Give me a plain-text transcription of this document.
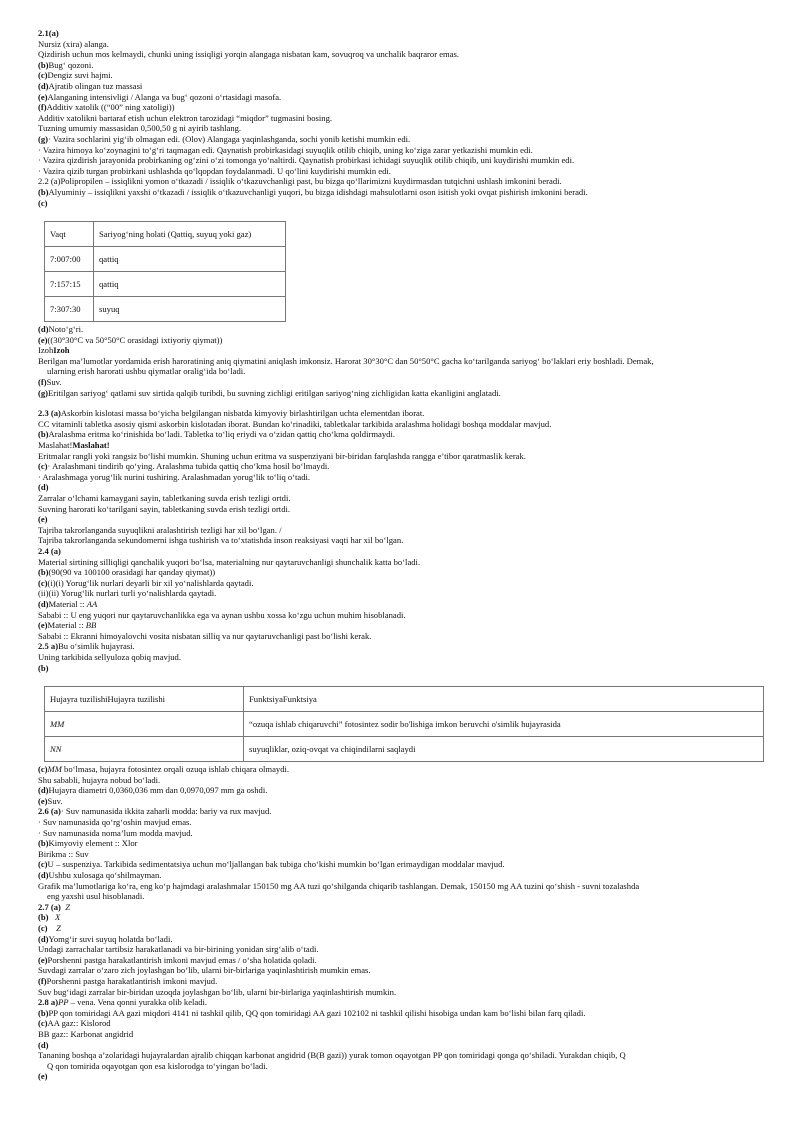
2.1(a)
Nursiz (xira) alanga.
Qizdirish uchun mos kelmaydi, chunki uning issiqligi yorqin alangaga nisbatan kam, sovuqroq va unchalik baqraror emas.
(b)Bug‘ qozoni.
(c)Dengiz suvi hajmi.
(d)Ajratib olingan tuz massasi
(e)Alanganing intensivligi / Alanga va bug‘ qozoni o‘rtasidagi masofa.
(f)Additiv xatolik ((“00” ning xatoligi))
Additiv xatolikni bartaraf etish uchun elektron tarozidagi “miqdor” tugmasini bosing.
Tuzning umumiy massasidan 0,500,50 g ni ayirib tashlang.
(g)· Vazira sochlarini yig‘ib olmagan edi. (Olov) Alangaga yaqinlashganda, sochi yonib ketishi mumkin edi.
· Vazira himoya ko‘zoynagini to‘g‘ri taqmagan edi. Qaynatish probirkasidagi suyuqlik otilib chiqib, uning ko‘ziga zarar yetkazishi mumkin edi.
· Vazira qizdirish jarayonida probirkaning og‘zini o‘zi tomonga yo‘naltirdi. Qaynatish probirkasi ichidagi suyuqlik otilib chiqib, uni kuydirishi mumkin edi.
· Vazira qizib turgan probirkani ushlashda qo‘lqopdan foydalanmadi. U qo‘lini kuydirishi mumkin edi.
2.2 (a)Polipropilen – issiqlikni yomon o‘tkazadi / issiqlik o‘tkazuvchanligi past, bu bizga qo‘llarimizni kuydirmasdan tutqichni ushlash imkonini beradi.
(b)Alyuminiy – issiqlikni yaxshi o‘tkazadi / issiqlik o‘tkazuvchanligi yuqori, bu bizga idishdagi mahsulotlarni oson isitish yoki ovqat pishirish imkonini beradi.
(c)
Vaqt	Sariyog‘ning holati (Qattiq, suyuq yoki gaz)
7:007:00	qattiq
7:157:15	qattiq
7:307:30	suyuq
(d)Noto‘g‘ri.
(e)((30°30°C va 50°50°C orasidagi ixtiyoriy qiymat))
IzohIzoh
Berilgan ma’lumotlar yordamida erish haroratining aniq qiymatini aniqlash imkonsiz. Harorat 30°30°C dan 50°50°C gacha ko‘tarilganda sariyog‘ bo‘laklari eriy boshladi. Demak,
ularning erish harorati ushbu qiymatlar oralig‘ida bo‘ladi.
(f)Suv.
(g)Eritilgan sariyog‘ qatlami suv sirtida qalqib turibdi, bu suvning zichligi eritilgan sariyog‘ning zichligidan katta ekanligini anglatadi.
2.3 (a)Askorbin kislotasi massa bo‘yicha belgilangan nisbatda kimyoviy birlashtirilgan uchta elementdan iborat.
CC vitaminli tabletka asosiy qismi askorbin kislotadan iborat. Bundan ko‘rinadiki, tabletkalar tarkibida aralashma holidagi boshqa moddalar mavjud.
(b)Aralashma eritma ko‘rinishida bo‘ladi. Tabletka to‘liq eriydi va o‘zidan qattiq cho‘kma qoldirmaydi.
Maslahat!Maslahat!
Eritmalar rangli yoki rangsiz bo‘lishi mumkin. Shuning uchun eritma va suspenziyani bir-biridan farqlashda rangga e’tibor qaratmaslik kerak.
(c)· Aralashmani tindirib qo‘ying. Aralashma tubida qattiq cho‘kma hosil bo‘lmaydi.
· Aralashmaga yorug‘lik nurini tushiring. Aralashmadan yorug‘lik to‘liq o‘tadi.
(d)
Zarralar o‘lchami kamaygani sayin, tabletkaning suvda erish tezligi ortdi.
Suvning harorati ko‘tarilgani sayin, tabletkaning suvda erish tezligi ortdi.
(e)
Tajriba takrorlanganda suyuqlikni aralashtirish tezligi har xil bo‘lgan. /
Tajriba takrorlanganda sekundomerni ishga tushirish va to‘xtatishda inson reaksiyasi vaqti har xil bo‘lgan.
2.4 (a)
Material sirtining silliqligi qanchalik yuqori bo‘lsa, materialning nur qaytaruvchanligi shunchalik katta bo‘ladi.
(b)(90(90 va 100100 orasidagi har qanday qiymat))
(c)(i)(i) Yorug‘lik nurlari deyarli bir xil yo‘nalishlarda qaytadi.
(ii)(ii) Yorug‘lik nurlari turli yo‘nalishlarda qaytadi.
(d)Material :: AA
Sababi :: U eng yuqori nur qaytaruvchanlikka ega va aynan ushbu xossa ko‘zgu uchun muhim hisoblanadi.
(e)Material :: BB
Sababi :: Ekranni himoyalovchi vosita nisbatan silliq va nur qaytaruvchanligi past bo‘lishi kerak.
2.5 a)Bu o‘simlik hujayrasi.
Uning tarkibida sellyuloza qobiq mavjud.
(b)
Hujayra tuzilishiHujayra tuzilishi	FunktsiyaFunktsiya
MM	“ozuqa ishlab chiqaruvchi” fotosintez sodir bo'lishiga imkon beruvchi o'simlik hujayrasida
NN	suyuqliklar, oziq-ovqat va chiqindilarni saqlaydi
(c)MM bo‘lmasa, hujayra fotosintez orqali ozuqa ishlab chiqara olmaydi.
Shu sababli, hujayra nobud bo‘ladi.
(d)Hujayra diametri 0,0360,036 mm dan 0,0970,097 mm ga oshdi.
(e)Suv.
2.6 (a)· Suv namunasida ikkita zaharli modda: bariy va rux mavjud.
· Suv namunasida qo‘rg‘oshin mavjud emas.
· Suv namunasida noma’lum modda mavjud.
(b)Kimyoviy element :: Xlor
Birikma :: Suv
(c)U – suspenziya. Tarkibida sedimentatsiya uchun mo‘ljallangan bak tubiga cho‘kishi mumkin bo‘lgan erimaydigan moddalar mavjud.
(d)Ushbu xulosaga qo‘shilmayman.
Grafik ma’lumotlariga ko‘ra, eng ko‘p hajmdagi aralashmalar 150150 mg AA tuzi qo‘shilganda chiqarib tashlangan. Demak, 150150 mg AA tuzini qo‘shish - suvni tozalashda
eng yaxshi usul hisoblanadi.
2.7 (a) Z
(b) X
(c) Z
(d)Yomg‘ir suvi suyuq holatda bo‘ladi.
Undagi zarrachalar tartibsiz harakatlanadi va bir-birining yonidan sirg‘alib o‘tadi.
(e)Porshenni pastga harakatlantirish imkoni mavjud emas / o‘sha holatida qoladi.
Suvdagi zarralar o‘zaro zich joylashgan bo‘lib, ularni bir-birlariga yaqinlashtirish mumkin emas.
(f)Porshenni pastga harakatlantirish imkoni mavjud.
Suv bug‘idagi zarralar bir-biridan uzoqda joylashgan bo‘lib, ularni bir-birlariga yaqinlashtirish mumkin.
2.8 a)PP – vena. Vena qonni yurakka olib keladi.
(b)PP qon tomiridagi AA gazi miqdori 4141 ni tashkil qilib, QQ qon tomiridagi AA gazi 102102 ni tashkil qilishi hisobiga undan kam bo‘lishi bilan farq qiladi.
(c)AA gaz:: Kislorod
BB gaz:: Karbonat angidrid
(d)
Tananing boshqa a’zolaridagi hujayralardan ajralib chiqqan karbonat angidrid (B(B gazi)) yurak tomon oqayotgan PP qon tomiridagi qonga qo‘shiladi. Yurakdan chiqib, Q
Q qon tomirida oqayotgan qon esa kislorodga to‘yingan bo‘ladi.
(e)
